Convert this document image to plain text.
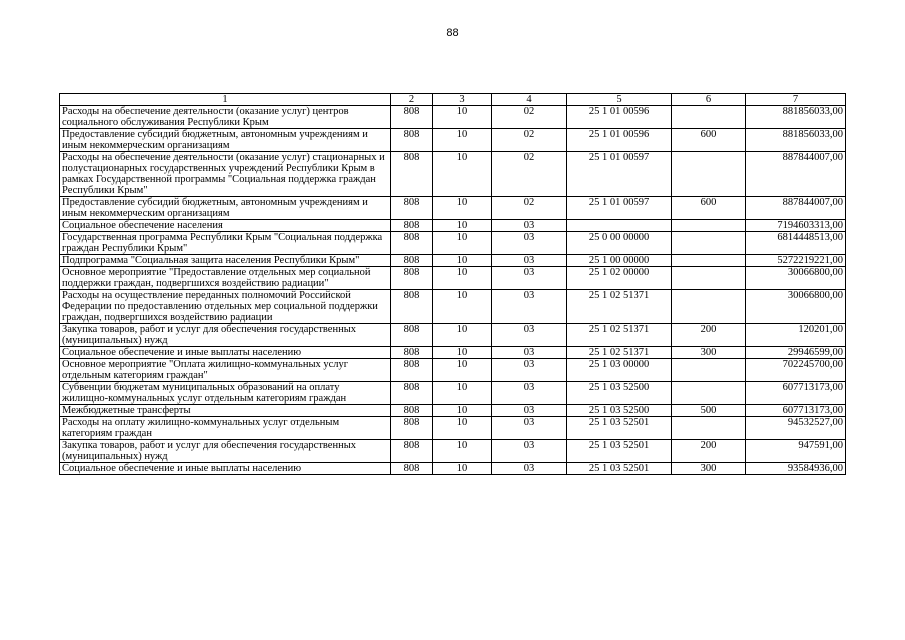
88
1	2	3	4	5	6	7
Расходы на обеспечение деятельности (оказание услуг) центров социального обслуживания Республики Крым	808	10	02	25 1 01 00596		881856033,00
Предоставление субсидий бюджетным, автономным учреждениям и иным некоммерческим организациям	808	10	02	25 1 01 00596	600	881856033,00
Расходы на обеспечение деятельности (оказание услуг) стационарных и полустационарных государственных учреждений Республики Крым в рамках Государственной программы "Социальная поддержка граждан Республики Крым"	808	10	02	25 1 01 00597		887844007,00
Предоставление субсидий бюджетным, автономным учреждениям и иным некоммерческим организациям	808	10	02	25 1 01 00597	600	887844007,00
Социальное обеспечение населения	808	10	03			7194603313,00
Государственная программа Республики Крым "Социальная поддержка граждан Республики Крым"	808	10	03	25 0 00 00000		6814448513,00
Подпрограмма "Социальная защита населения Республики Крым"	808	10	03	25 1 00 00000		5272219221,00
Основное мероприятие "Предоставление отдельных мер социальной поддержки граждан, подвергшихся воздействию радиации"	808	10	03	25 1 02 00000		30066800,00
Расходы на осуществление переданных полномочий Российской Федерации по предоставлению отдельных мер социальной поддержки граждан, подвергшихся воздействию радиации	808	10	03	25 1 02 51371		30066800,00
Закупка товаров, работ и услуг для обеспечения государственных (муниципальных) нужд	808	10	03	25 1 02 51371	200	120201,00
Социальное обеспечение и иные выплаты населению	808	10	03	25 1 02 51371	300	29946599,00
Основное мероприятие "Оплата жилищно-коммунальных услуг отдельным категориям граждан"	808	10	03	25 1 03 00000		702245700,00
Субвенции бюджетам муниципальных образований на оплату жилищно-коммунальных услуг отдельным категориям граждан	808	10	03	25 1 03 52500		607713173,00
Межбюджетные трансферты	808	10	03	25 1 03 52500	500	607713173,00
Расходы на оплату жилищно-коммунальных услуг отдельным категориям граждан	808	10	03	25 1 03 52501		94532527,00
Закупка товаров, работ и услуг для обеспечения государственных (муниципальных) нужд	808	10	03	25 1 03 52501	200	947591,00
Социальное обеспечение и иные выплаты населению	808	10	03	25 1 03 52501	300	93584936,00
